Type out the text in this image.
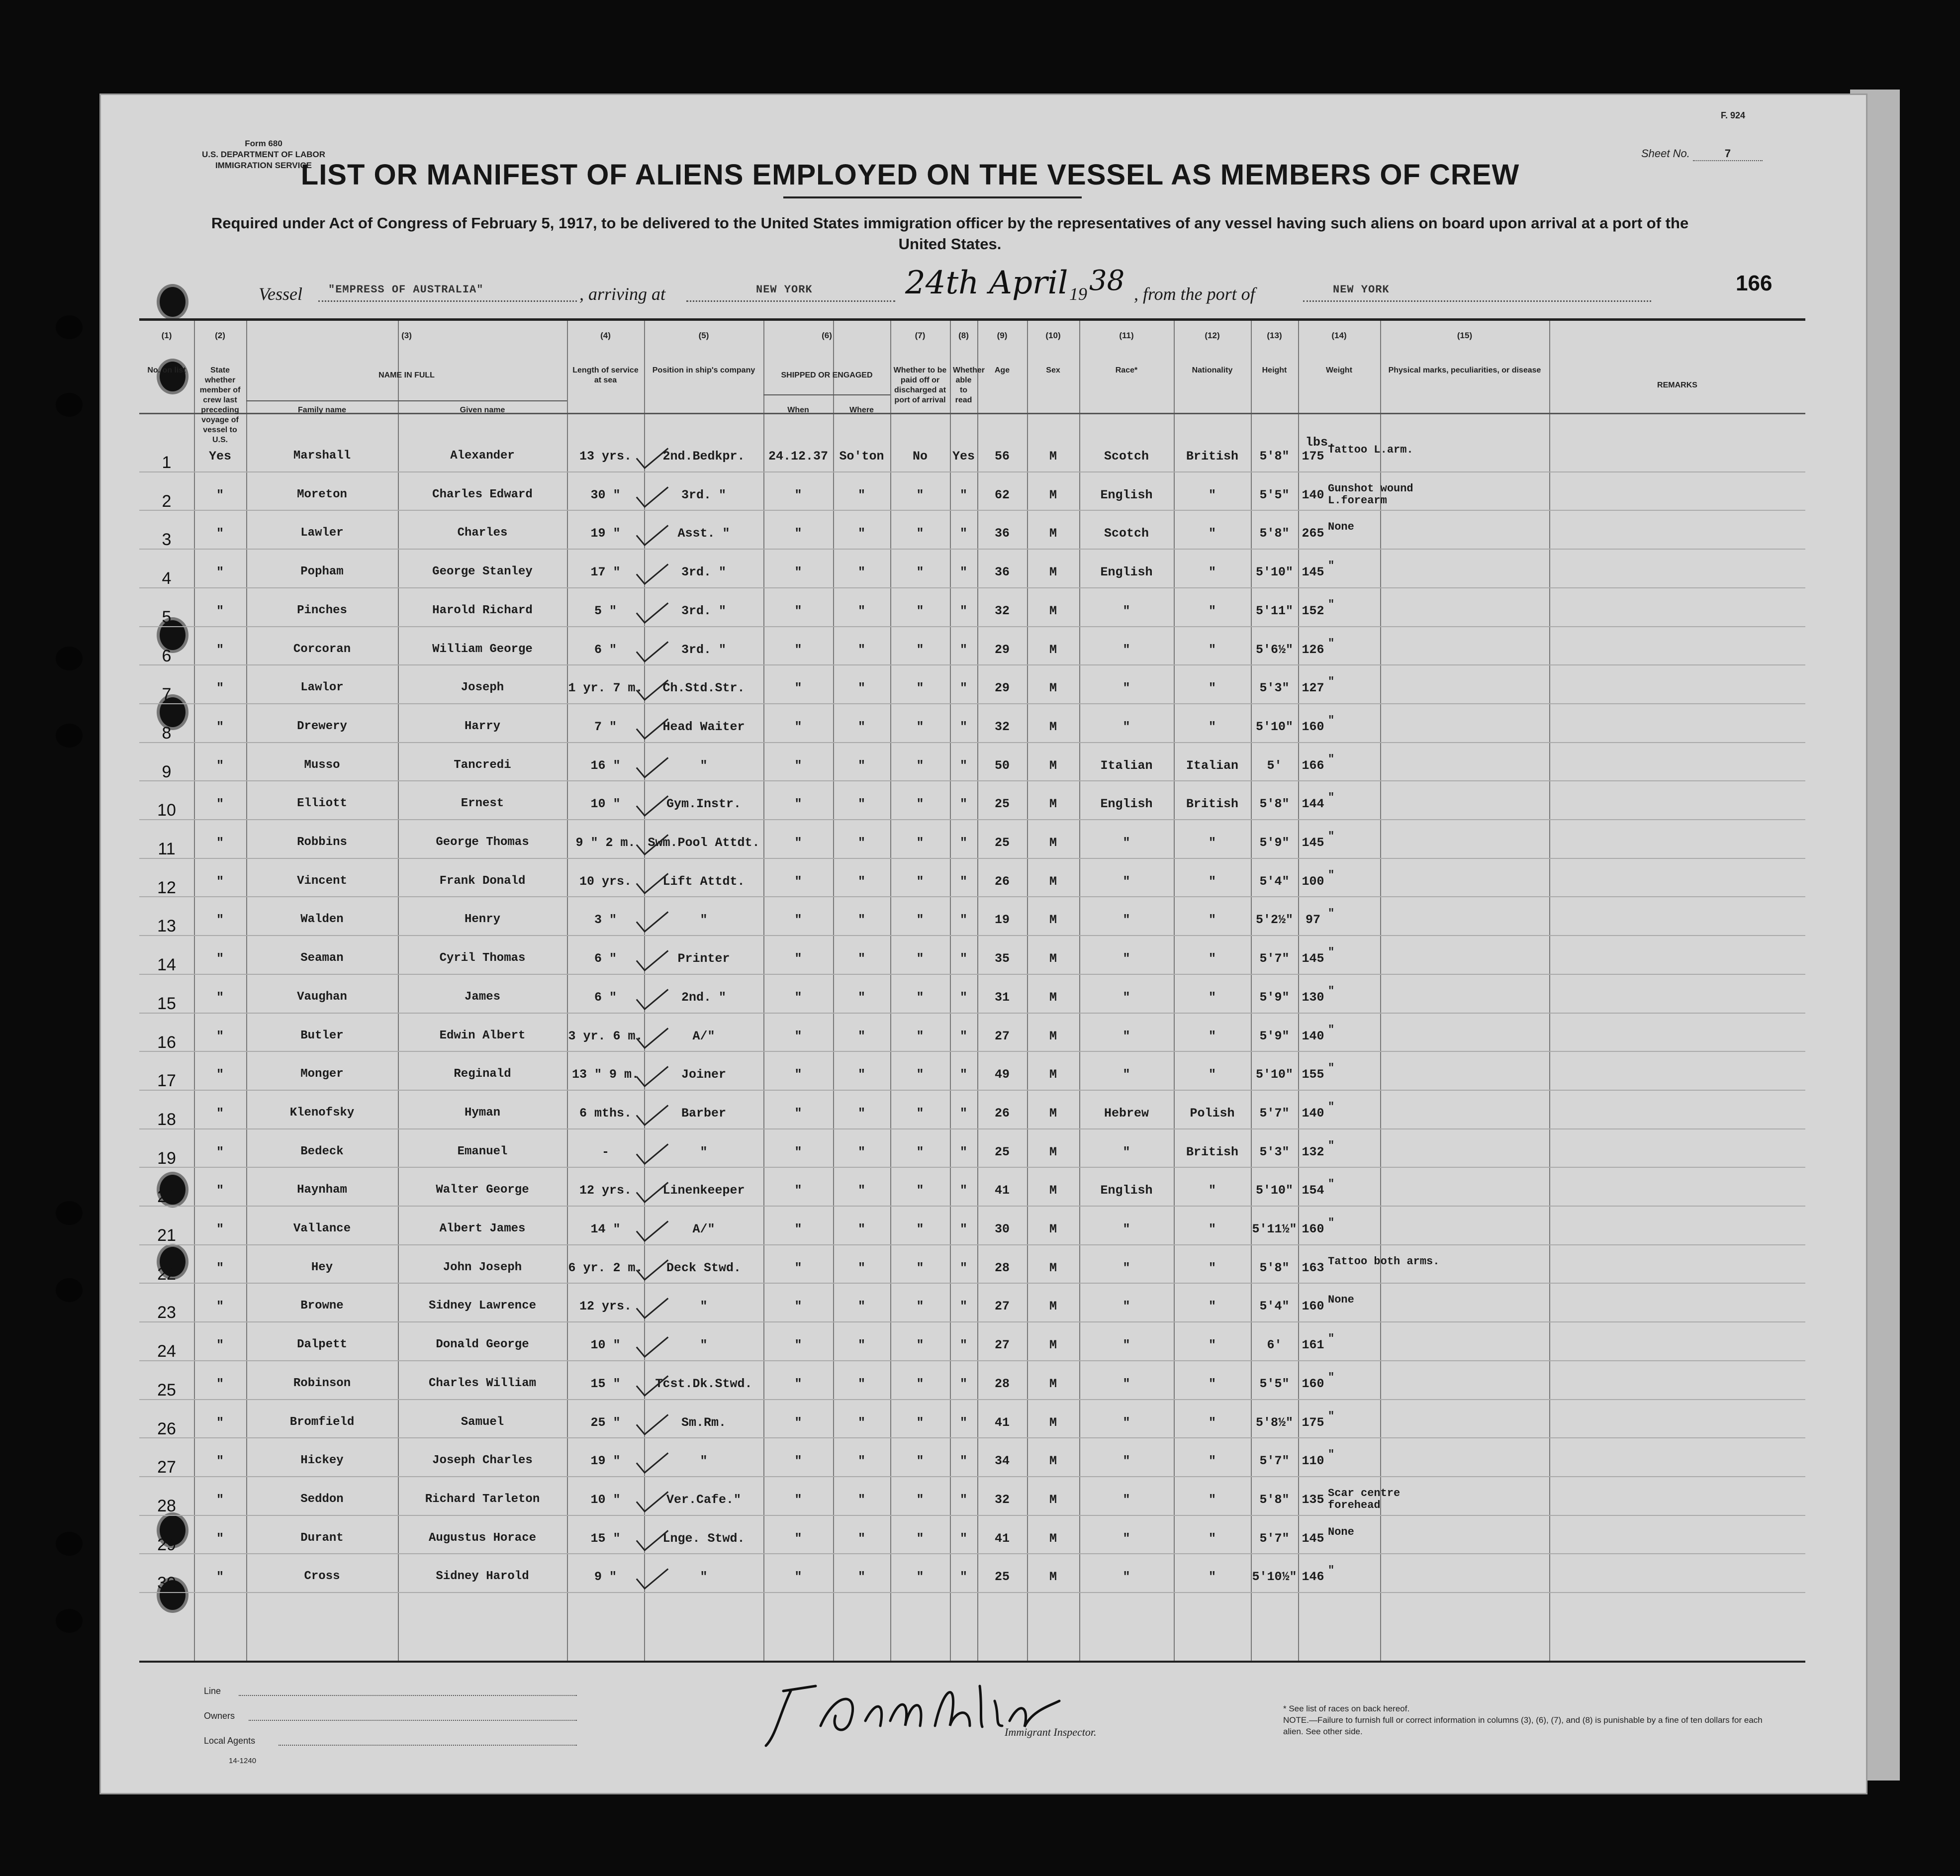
Form 680
U.S. DEPARTMENT OF LABOR
IMMIGRATION SERVICE
F. 924
Sheet No.	7
LIST OR MANIFEST OF ALIENS EMPLOYED ON THE VESSEL AS MEMBERS OF CREW
Required under Act of Congress of February 5, 1917, to be delivered to the United States immigration officer by the representatives of any vessel having such aliens on board upon arrival at a port of the United States.
Vessel "EMPRESS OF AUSTRALIA"	, arriving at	NEW YORK	24th April 19 38 , from the port of	NEW YORK	166
(1)
No. on list
(2)
State whether member of crew last preceding voyage of vessel to U.S.
(3)
NAME IN FULL
(4)
Length of service at sea
(5)
Position in ship's company
(6)
SHIPPED OR ENGAGED
(7)
Whether to be paid off or discharged at port of arrival
(8)
Whether able to read
(9)
Age
(10)
Sex
(11)
Race*
(12)
Nationality
(13)
Height
(14)
Weight
(15)
Physical marks, peculiarities, or disease
REMARKS
Family name	Given name	When	Where
lbs.
1	Yes	Marshall	Alexander	13 yrs.	2nd.Bedkpr.	24.12.37 So'ton	No	Yes	56	M	Scotch	British	5'8" 175 Tattoo L.arm.
2	"	Moreton	Charles Edward	30 "	3rd. "	"	"	"	"	62	M	English	"	5'5" 140 Gunshot wound L.forearm
3	"	Lawler	Charles	19 "	Asst. "	"	"	"	"	36	M	Scotch	"	5'8" 265 None
4	"	Popham	George Stanley	17 "	3rd. "	"	"	"	"	36	M	English	"	5'10" 145 "
5	"	Pinches	Harold Richard	5 "	3rd. "	"	"	"	"	32	M	"	"	5'11" 152 "
6	"	Corcoran	William George	6 "	3rd. "	"	"	"	"	29	M	"	"	5'6½" 126 "
7	"	Lawlor	Joseph	1 yr. 7 m.	Ch.Std.Str.	"	"	"	"	29	M	"	"	5'3" 127 "
8	"	Drewery	Harry	7 "	Head Waiter	"	"	"	"	32	M	"	"	5'10" 160 "
9	"	Musso	Tancredi	16 "	"	"	"	"	"	50	M	Italian	Italian	5'	166 "
10	"	Elliott	Ernest	10 "	Gym.Instr.	"	"	"	"	25	M	English	British	5'8" 144 "
11	"	Robbins	George Thomas	9 " 2 m. Swm.Pool Attdt.	"	"	"	"	25	M	"	"	5'9" 145 "
12	"	Vincent	Frank Donald	10 yrs.	Lift Attdt.	"	"	"	"	26	M	"	"	5'4" 100 "
13	"	Walden	Henry	3 "	"	"	"	"	"	19	M	"	"	5'2½" 97 "
14	"	Seaman	Cyril Thomas	6 "	Printer	"	"	"	"	35	M	"	"	5'7" 145 "
15	"	Vaughan	James	6 "	2nd. "	"	"	"	"	31	M	"	"	5'9" 130 "
16	"	Butler	Edwin Albert	3 yr. 6 m.	A/"	"	"	"	"	27	M	"	"	5'9" 140 "
17	"	Monger	Reginald	13 " 9 m.	Joiner	"	"	"	"	49	M	"	"	5'10" 155 "
18	"	Klenofsky	Hyman	6 mths.	Barber	"	"	"	"	26	M	Hebrew	Polish	5'7" 140 "
19	"	Bedeck	Emanuel	-	"	"	"	"	"	25	M	"	British	5'3" 132 "
20	"	Haynham	Walter George	12 yrs.	Linenkeeper	"	"	"	"	41	M	English	"	5'10" 154 "
21	"	Vallance	Albert James	14 "	A/"	"	"	"	"	30	M	"	"	5'11½" 160 "
22	"	Hey	John Joseph	6 yr. 2 m.	Deck Stwd.	"	"	"	"	28	M	"	"	5'8" 163 Tattoo both arms.
23	"	Browne	Sidney Lawrence	12 yrs.	"	"	"	"	"	27	M	"	"	5'4" 160 None
24	"	Dalpett	Donald George	10 "	"	"	"	"	"	27	M	"	"	6'	161 "
25	"	Robinson	Charles William	15 "	Tcst.Dk.Stwd.	"	"	"	"	28	M	"	"	5'5" 160 "
26	"	Bromfield	Samuel	25 "	Sm.Rm.	"	"	"	"	41	M	"	"	5'8½" 175 "
27	"	Hickey	Joseph Charles	19 "	"	"	"	"	"	34	M	"	"	5'7" 110 "
28	"	Seddon	Richard Tarleton	10 "	Ver.Cafe."	"	"	"	"	32	M	"	"	5'8" 135 Scar centre forehead
29	"	Durant	Augustus Horace	15 "	Lnge. Stwd.	"	"	"	"	41	M	"	"	5'7" 145 None
30	"	Cross	Sidney Harold	9 "	"	"	"	"	"	25	M	"	"	5'10½" 146 "
Line
Owners
Local Agents
14-1240
Immigrant Inspector.
* See list of races on back hereof.
NOTE.—Failure to furnish full or correct information in columns (3), (6), (7), and (8) is punishable by a fine of ten dollars for each alien. See other side.
